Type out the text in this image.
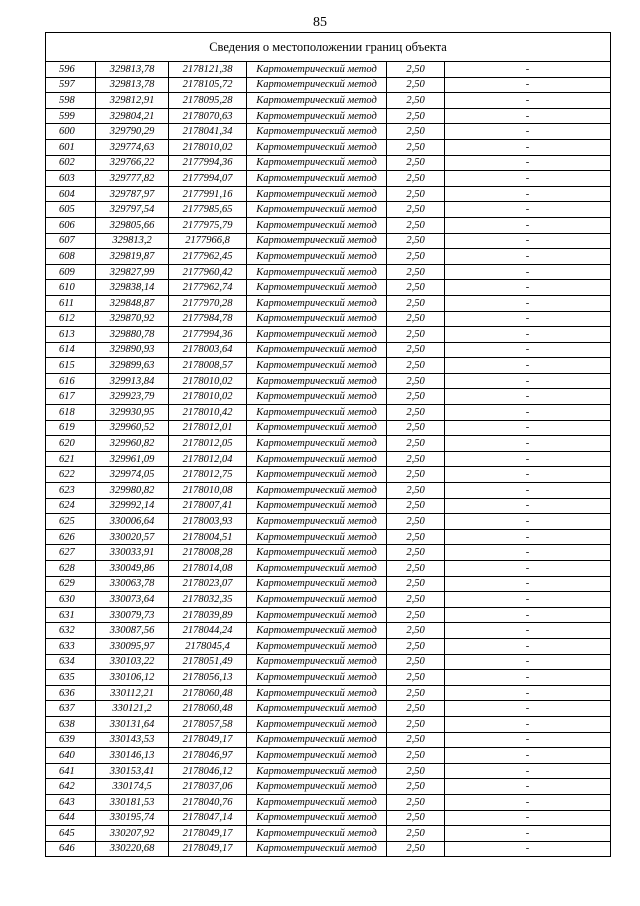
85
Сведения о местоположении границ объекта					
596	329813,78	2178121,38	Картометрический метод	2,50	-
597	329813,78	2178105,72	Картометрический метод	2,50	-
598	329812,91	2178095,28	Картометрический метод	2,50	-
599	329804,21	2178070,63	Картометрический метод	2,50	-
600	329790,29	2178041,34	Картометрический метод	2,50	-
601	329774,63	2178010,02	Картометрический метод	2,50	-
602	329766,22	2177994,36	Картометрический метод	2,50	-
603	329777,82	2177994,07	Картометрический метод	2,50	-
604	329787,97	2177991,16	Картометрический метод	2,50	-
605	329797,54	2177985,65	Картометрический метод	2,50	-
606	329805,66	2177975,79	Картометрический метод	2,50	-
607	329813,2	2177966,8	Картометрический метод	2,50	-
608	329819,87	2177962,45	Картометрический метод	2,50	-
609	329827,99	2177960,42	Картометрический метод	2,50	-
610	329838,14	2177962,74	Картометрический метод	2,50	-
611	329848,87	2177970,28	Картометрический метод	2,50	-
612	329870,92	2177984,78	Картометрический метод	2,50	-
613	329880,78	2177994,36	Картометрический метод	2,50	-
614	329890,93	2178003,64	Картометрический метод	2,50	-
615	329899,63	2178008,57	Картометрический метод	2,50	-
616	329913,84	2178010,02	Картометрический метод	2,50	-
617	329923,79	2178010,02	Картометрический метод	2,50	-
618	329930,95	2178010,42	Картометрический метод	2,50	-
619	329960,52	2178012,01	Картометрический метод	2,50	-
620	329960,82	2178012,05	Картометрический метод	2,50	-
621	329961,09	2178012,04	Картометрический метод	2,50	-
622	329974,05	2178012,75	Картометрический метод	2,50	-
623	329980,82	2178010,08	Картометрический метод	2,50	-
624	329992,14	2178007,41	Картометрический метод	2,50	-
625	330006,64	2178003,93	Картометрический метод	2,50	-
626	330020,57	2178004,51	Картометрический метод	2,50	-
627	330033,91	2178008,28	Картометрический метод	2,50	-
628	330049,86	2178014,08	Картометрический метод	2,50	-
629	330063,78	2178023,07	Картометрический метод	2,50	-
630	330073,64	2178032,35	Картометрический метод	2,50	-
631	330079,73	2178039,89	Картометрический метод	2,50	-
632	330087,56	2178044,24	Картометрический метод	2,50	-
633	330095,97	2178045,4	Картометрический метод	2,50	-
634	330103,22	2178051,49	Картометрический метод	2,50	-
635	330106,12	2178056,13	Картометрический метод	2,50	-
636	330112,21	2178060,48	Картометрический метод	2,50	-
637	330121,2	2178060,48	Картометрический метод	2,50	-
638	330131,64	2178057,58	Картометрический метод	2,50	-
639	330143,53	2178049,17	Картометрический метод	2,50	-
640	330146,13	2178046,97	Картометрический метод	2,50	-
641	330153,41	2178046,12	Картометрический метод	2,50	-
642	330174,5	2178037,06	Картометрический метод	2,50	-
643	330181,53	2178040,76	Картометрический метод	2,50	-
644	330195,74	2178047,14	Картометрический метод	2,50	-
645	330207,92	2178049,17	Картометрический метод	2,50	-
646	330220,68	2178049,17	Картометрический метод	2,50	-
